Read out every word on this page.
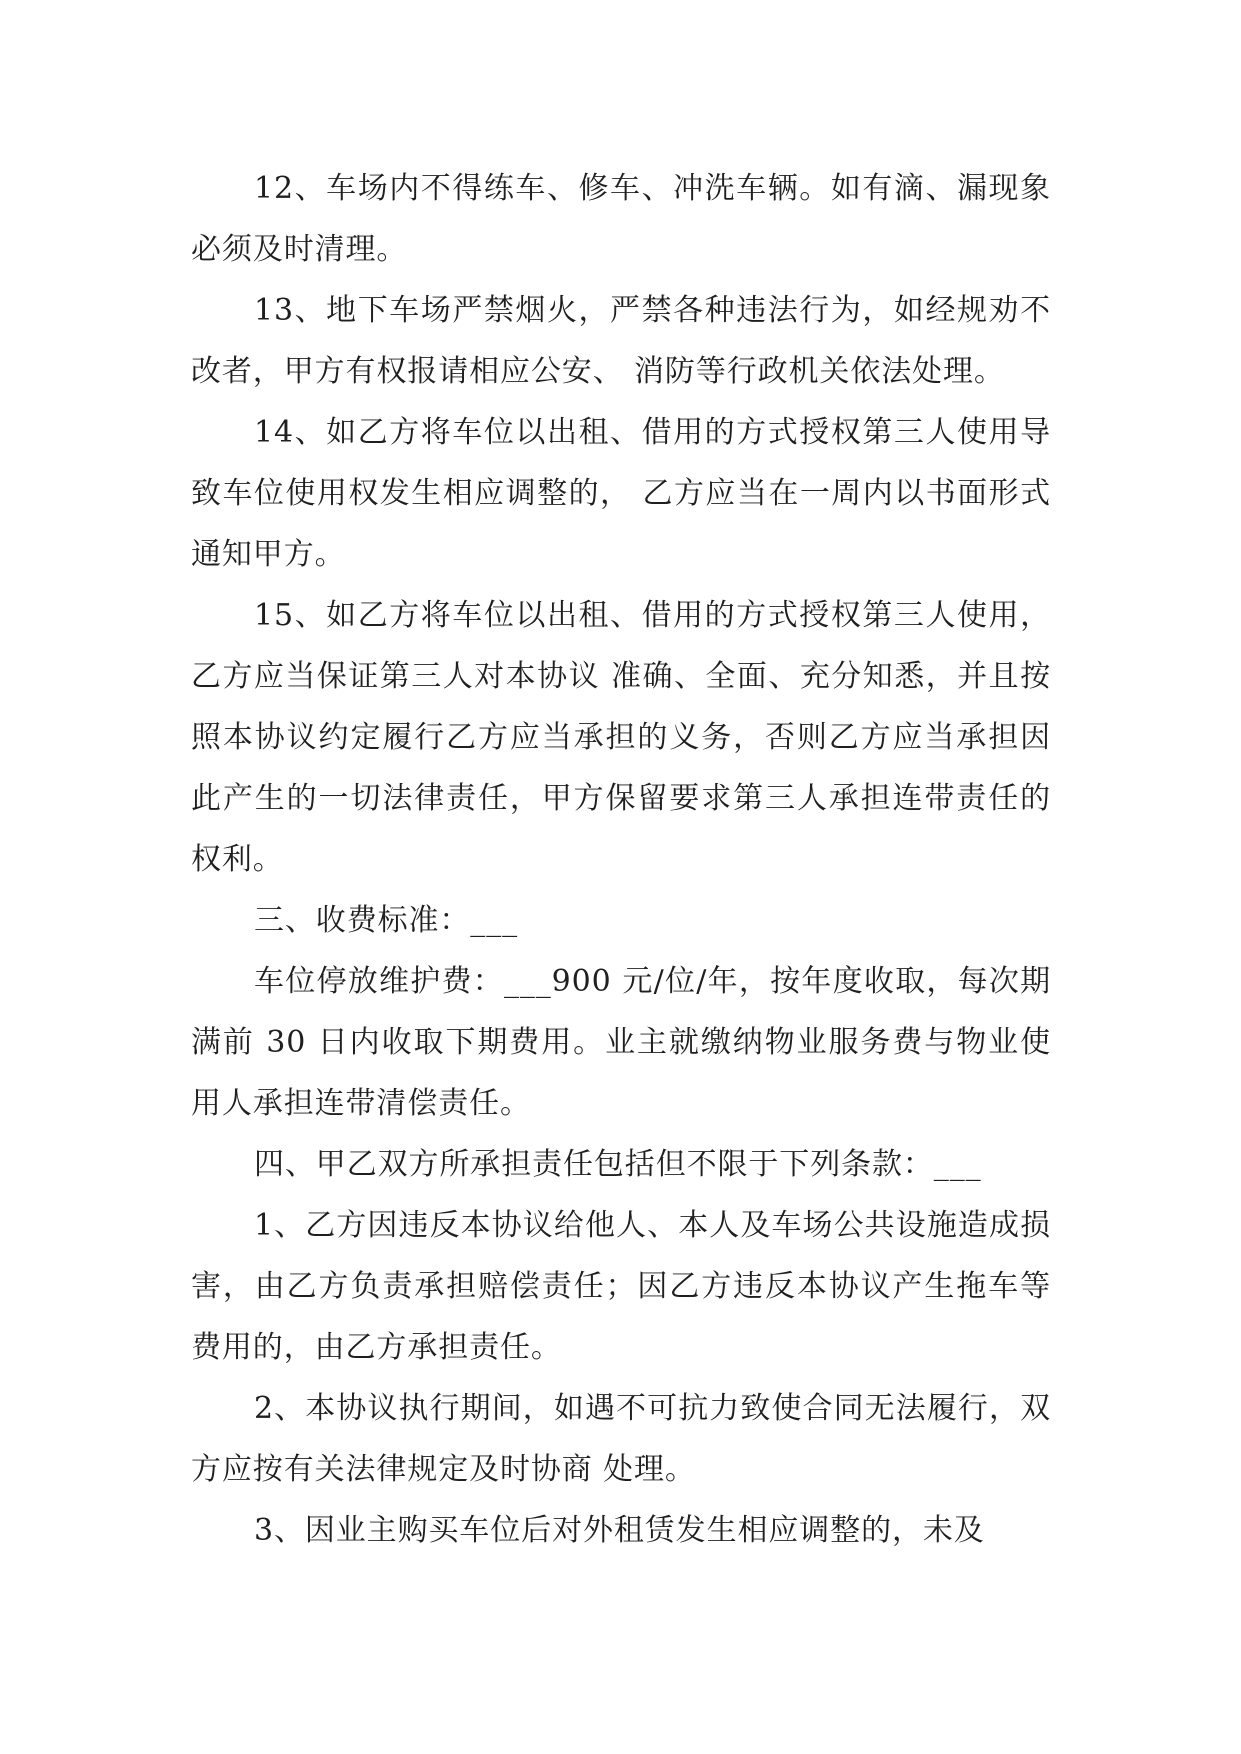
12、车场内不得练车、修车、冲洗车辆。如有滴、漏现象必须及时清理。

13、地下车场严禁烟火，严禁各种违法行为，如经规劝不改者，甲方有权报请相应公安、 消防等行政机关依法处理。

14、如乙方将车位以出租、借用的方式授权第三人使用导致车位使用权发生相应调整的， 乙方应当在一周内以书面形式通知甲方。

15、如乙方将车位以出租、借用的方式授权第三人使用，乙方应当保证第三人对本协议 准确、全面、充分知悉，并且按照本协议约定履行乙方应当承担的义务，否则乙方应当承担因此产生的一切法律责任，甲方保留要求第三人承担连带责任的权利。

三、收费标准：___

车位停放维护费：___900 元/位/年，按年度收取，每次期满前 30 日内收取下期费用。业主就缴纳物业服务费与物业使用人承担连带清偿责任。

四、甲乙双方所承担责任包括但不限于下列条款：___

1、乙方因违反本协议给他人、本人及车场公共设施造成损害，由乙方负责承担赔偿责任；因乙方违反本协议产生拖车等费用的，由乙方承担责任。

2、本协议执行期间，如遇不可抗力致使合同无法履行，双方应按有关法律规定及时协商 处理。

3、因业主购买车位后对外租赁发生相应调整的，未及
